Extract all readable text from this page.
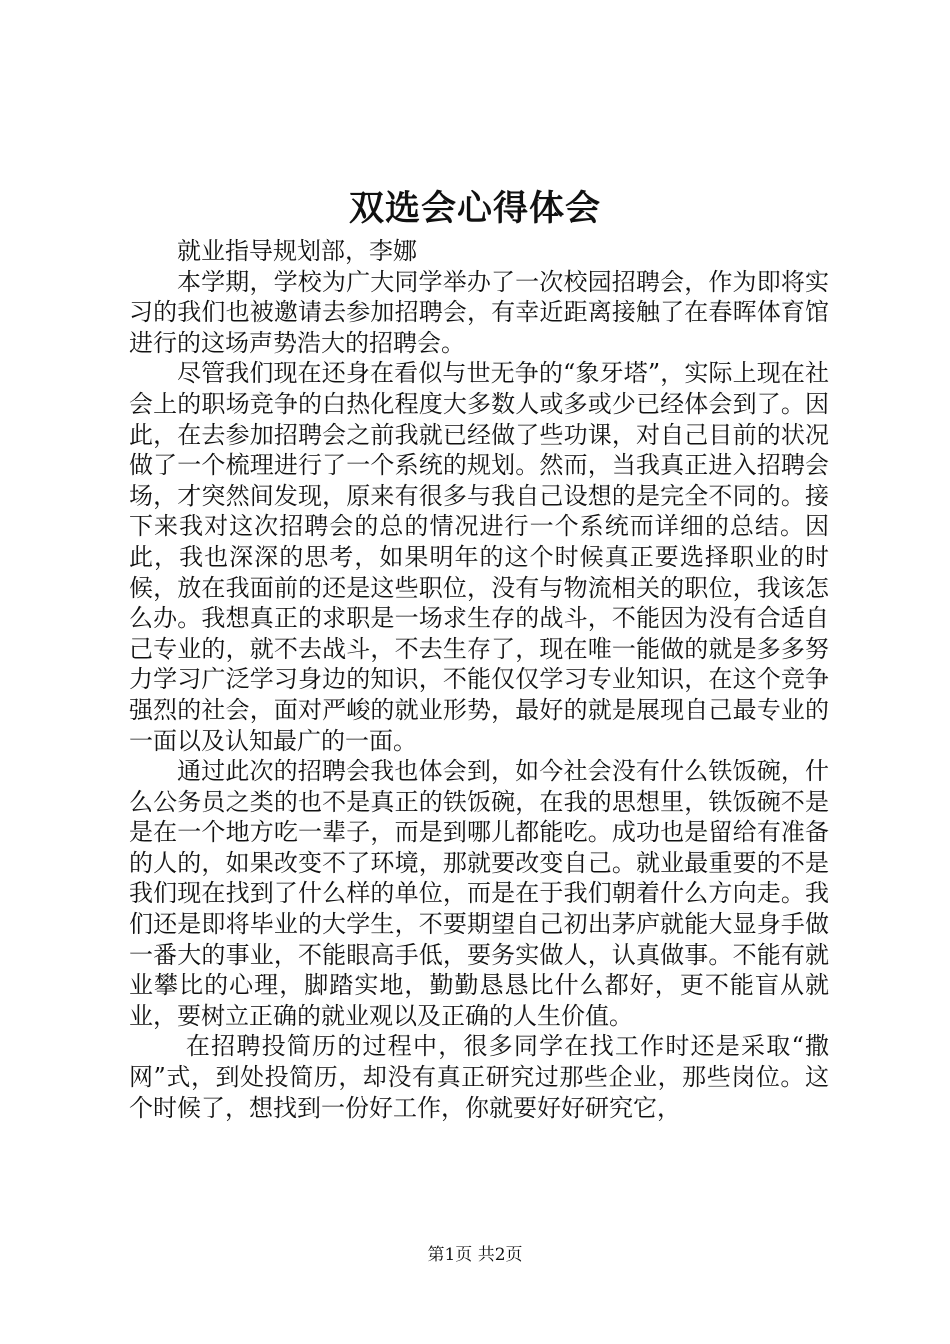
双选会心得体会

就业指导规划部，李娜

本学期，学校为广大同学举办了一次校园招聘会，作为即将实习的我们也被邀请去参加招聘会，有幸近距离接触了在春晖体育馆进行的这场声势浩大的招聘会。

尽管我们现在还身在看似与世无争的“象牙塔”，实际上现在社会上的职场竞争的白热化程度大多数人或多或少已经体会到了。因此，在去参加招聘会之前我就已经做了些功课，对自己目前的状况做了一个梳理进行了一个系统的规划。然而，当我真正进入招聘会场，才突然间发现，原来有很多与我自己设想的是完全不同的。接下来我对这次招聘会的总的情况进行一个系统而详细的总结。因此，我也深深的思考，如果明年的这个时候真正要选择职业的时候，放在我面前的还是这些职位，没有与物流相关的职位，我该怎么办。我想真正的求职是一场求生存的战斗，不能因为没有合适自己专业的，就不去战斗，不去生存了，现在唯一能做的就是多多努力学习广泛学习身边的知识，不能仅仅学习专业知识，在这个竞争强烈的社会，面对严峻的就业形势，最好的就是展现自己最专业的一面以及认知最广的一面。

通过此次的招聘会我也体会到，如今社会没有什么铁饭碗，什么公务员之类的也不是真正的铁饭碗，在我的思想里，铁饭碗不是是在一个地方吃一辈子，而是到哪儿都能吃。成功也是留给有准备的人的，如果改变不了环境，那就要改变自己。就业最重要的不是我们现在找到了什么样的单位，而是在于我们朝着什么方向走。我们还是即将毕业的大学生，不要期望自己初出茅庐就能大显身手做一番大的事业，不能眼高手低，要务实做人，认真做事。不能有就业攀比的心理，脚踏实地，勤勤恳恳比什么都好，更不能盲从就业，要树立正确的就业观以及正确的人生价值。

在招聘投简历的过程中，很多同学在找工作时还是采取“撒网”式，到处投简历，却没有真正研究过那些企业，那些岗位。这个时候了，想找到一份好工作，你就要好好研究它，

第1页 共2页
